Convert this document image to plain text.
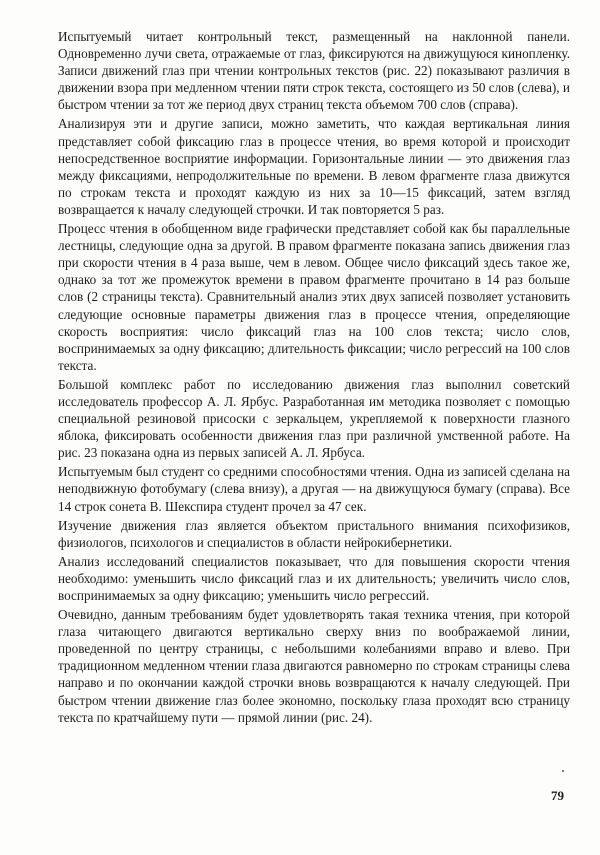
Испытуемый читает контрольный текст, размещенный на наклонной панели. Одновременно лучи света, отражаемые от глаз, фиксируются на движущуюся кинопленку. Записи движений глаз при чтении контрольных текстов (рис. 22) показывают различия в движении взора при медленном чтении пяти строк текста, состоящего из 50 слов (слева), и быстром чтении за тот же период двух страниц текста объемом 700 слов (справа).

Анализируя эти и другие записи, можно заметить, что каждая вертикальная линия представляет собой фиксацию глаз в процессе чтения, во время которой и происходит непосредственное восприятие информации. Горизонтальные линии — это движения глаз между фиксациями, непродолжительные по времени. В левом фрагменте глаза движутся по строкам текста и проходят каждую из них за 10—15 фиксаций, затем взгляд возвращается к началу следующей строчки. И так повторяется 5 раз.

Процесс чтения в обобщенном виде графически представляет собой как бы параллельные лестницы, следующие одна за другой. В правом фрагменте показана запись движения глаз при скорости чтения в 4 раза выше, чем в левом. Общее число фиксаций здесь такое же, однако за тот же промежуток времени в правом фрагменте прочитано в 14 раз больше слов (2 страницы текста). Сравнительный анализ этих двух записей позволяет установить следующие основные параметры движения глаз в процессе чтения, определяющие скорость восприятия: число фиксаций глаз на 100 слов текста; число слов, воспринимаемых за одну фиксацию; длительность фиксации; число регрессий на 100 слов текста.

Большой комплекс работ по исследованию движения глаз выполнил советский исследователь профессор А. Л. Ярбус. Разработанная им методика позволяет с помощью специальной резиновой присоски с зеркальцем, укрепляемой к поверхности глазного яблока, фиксировать особенности движения глаз при различной умственной работе. На рис. 23 показана одна из первых записей А. Л. Ярбуса.

Испытуемым был студент со средними способностями чтения. Одна из записей сделана на неподвижную фотобумагу (слева внизу), а другая — на движущуюся бумагу (справа). Все 14 строк сонета В. Шекспира студент прочел за 47 сек.

Изучение движения глаз является объектом пристального внимания психофизиков, физиологов, психологов и специалистов в области нейрокибернетики.

Анализ исследований специалистов показывает, что для повышения скорости чтения необходимо: уменьшить число фиксаций глаз и их длительность; увеличить число слов, воспринимаемых за одну фиксацию; уменьшить число регрессий.

Очевидно, данным требованиям будет удовлетворять такая техника чтения, при которой глаза читающего двигаются вертикально сверху вниз по воображаемой линии, проведенной по центру страницы, с небольшими колебаниями вправо и влево. При традиционном медленном чтении глаза двигаются равномерно по строкам страницы слева направо и по окончании каждой строчки вновь возвращаются к началу следующей. При быстром чтении движение глаз более экономно, поскольку глаза проходят всю страницу текста по кратчайшему пути — прямой линии (рис. 24).

79
